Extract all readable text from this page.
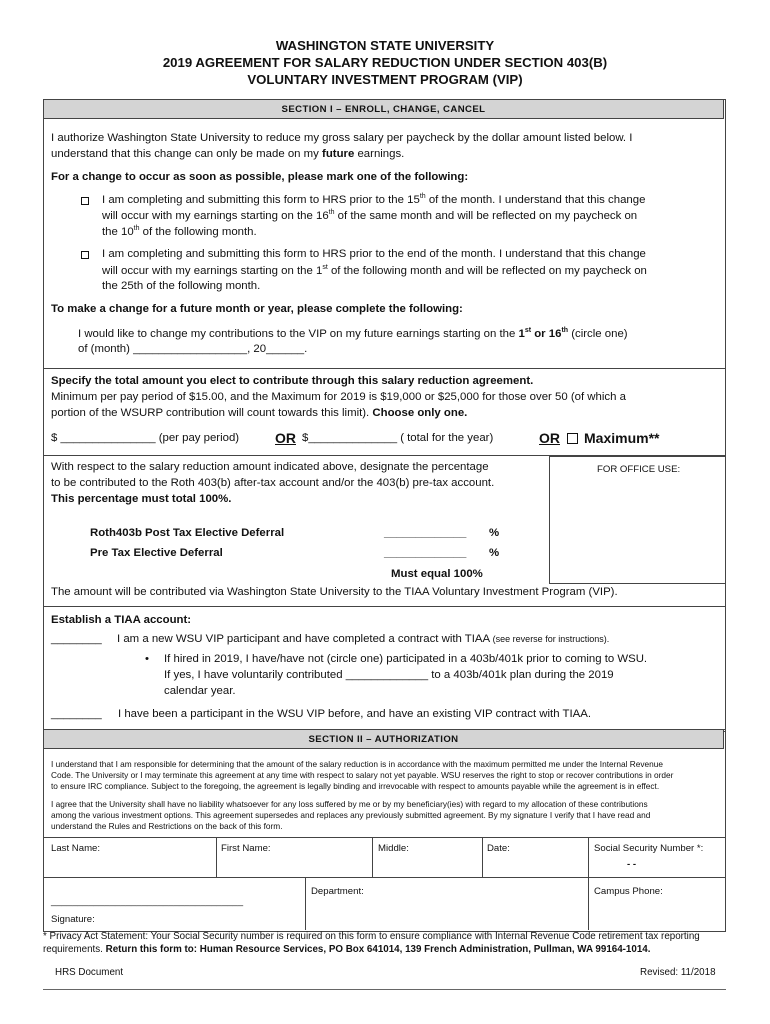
WASHINGTON STATE UNIVERSITY
2019 AGREEMENT FOR SALARY REDUCTION UNDER SECTION 403(B)
VOLUNTARY INVESTMENT PROGRAM (VIP)
SECTION I – ENROLL, CHANGE, CANCEL
I authorize Washington State University to reduce my gross salary per paycheck by the dollar amount listed below. I
understand that this change can only be made on my future earnings.
For a change to occur as soon as possible, please mark one of the following:
I am completing and submitting this form to HRS prior to the 15th of the month. I understand that this change
will occur with my earnings starting on the 16th of the same month and will be reflected on my paycheck on
the 10th of the following month.
I am completing and submitting this form to HRS prior to the end of the month. I understand that this change
will occur with my earnings starting on the 1st of the following month and will be reflected on my paycheck on
the 25th of the following month.
To make a change for a future month or year, please complete the following:
I would like to change my contributions to the VIP on my future earnings starting on the 1st or 16th (circle one)
of (month) __________________, 20______.
Specify the total amount you elect to contribute through this salary reduction agreement.
Minimum per pay period of $15.00, and the Maximum for 2019 is $19,000 or $25,000 for those over 50 (of which a
portion of the WSURP contribution will count towards this limit). Choose only one.
$ _______________ (per pay period)	OR $______________ ( total for the year)	OR Maximum**
With respect to the salary reduction amount indicated above, designate the percentage
to be contributed to the Roth 403(b) after-tax account and/or the 403(b) pre-tax account.
This percentage must total 100%.
FOR OFFICE USE:
Roth403b Post Tax Elective Deferral	_____________ %
Pre Tax Elective Deferral	_____________ %
Must equal 100%
The amount will be contributed via Washington State University to the TIAA Voluntary Investment Program (VIP).
Establish a TIAA account:
________ I am a new WSU VIP participant and have completed a contract with TIAA (see reverse for instructions).
• If hired in 2019, I have/have not (circle one) participated in a 403b/401k prior to coming to WSU.
If yes, I have voluntarily contributed _____________ to a 403b/401k plan during the 2019
calendar year.
________ I have been a participant in the WSU VIP before, and have an existing VIP contract with TIAA.
SECTION II – AUTHORIZATION
I understand that I am responsible for determining that the amount of the salary reduction is in accordance with the maximum permitted me under the Internal Revenue
Code. The University or I may terminate this agreement at any time with respect to salary not yet payable. WSU reserves the right to stop or recover contributions in order
to ensure IRC compliance. Subject to the foregoing, the agreement is legally binding and irrevocable with respect to amounts payable while the agreement is in effect.
I agree that the University shall have no liability whatsoever for any loss suffered by me or by my beneficiary(ies) with regard to my allocation of these contributions
among the various investment options. This agreement supersedes and replaces any previously submitted agreement. By my signature I verify that I have read and
understand the Rules and Restrictions on the back of this form.
Last Name:	First Name:	Middle:	Date:	Social Security Number *:
- -
____________________________________
Signature:
Department:	Campus Phone:
* Privacy Act Statement: Your Social Security number is required on this form to ensure compliance with Internal Revenue Code retirement tax reporting
requirements. Return this form to: Human Resource Services, PO Box 641014, 139 French Administration, Pullman, WA 99164-1014.
HRS Document	Revised: 11/2018
